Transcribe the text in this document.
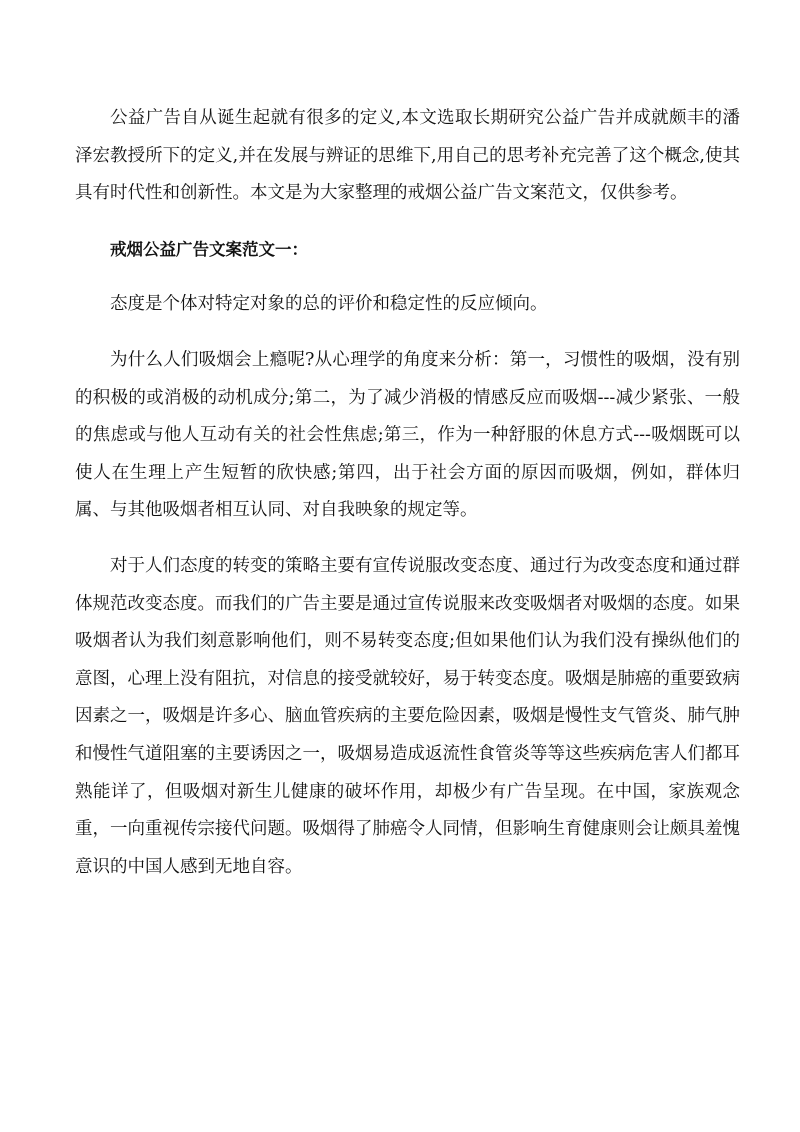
公益广告自从诞生起就有很多的定义,本文选取长期研究公益广告并成就颇丰的潘泽宏教授所下的定义,并在发展与辨证的思维下,用自己的思考补充完善了这个概念,使其具有时代性和创新性。本文是为大家整理的戒烟公益广告文案范文，仅供参考。

戒烟公益广告文案范文一：

态度是个体对特定对象的总的评价和稳定性的反应倾向。

为什么人们吸烟会上瘾呢?从心理学的角度来分析：第一，习惯性的吸烟，没有别的积极的或消极的动机成分;第二，为了减少消极的情感反应而吸烟---减少紧张、一般的焦虑或与他人互动有关的社会性焦虑;第三，作为一种舒服的休息方式---吸烟既可以使人在生理上产生短暂的欣快感;第四，出于社会方面的原因而吸烟，例如，群体归属、与其他吸烟者相互认同、对自我映象的规定等。

对于人们态度的转变的策略主要有宣传说服改变态度、通过行为改变态度和通过群体规范改变态度。而我们的广告主要是通过宣传说服来改变吸烟者对吸烟的态度。如果吸烟者认为我们刻意影响他们，则不易转变态度;但如果他们认为我们没有操纵他们的意图，心理上没有阻抗，对信息的接受就较好，易于转变态度。吸烟是肺癌的重要致病因素之一，吸烟是许多心、脑血管疾病的主要危险因素，吸烟是慢性支气管炎、肺气肿和慢性气道阻塞的主要诱因之一，吸烟易造成返流性食管炎等等这些疾病危害人们都耳熟能详了，但吸烟对新生儿健康的破坏作用，却极少有广告呈现。在中国，家族观念重，一向重视传宗接代问题。吸烟得了肺癌令人同情，但影响生育健康则会让颇具羞愧意识的中国人感到无地自容。
